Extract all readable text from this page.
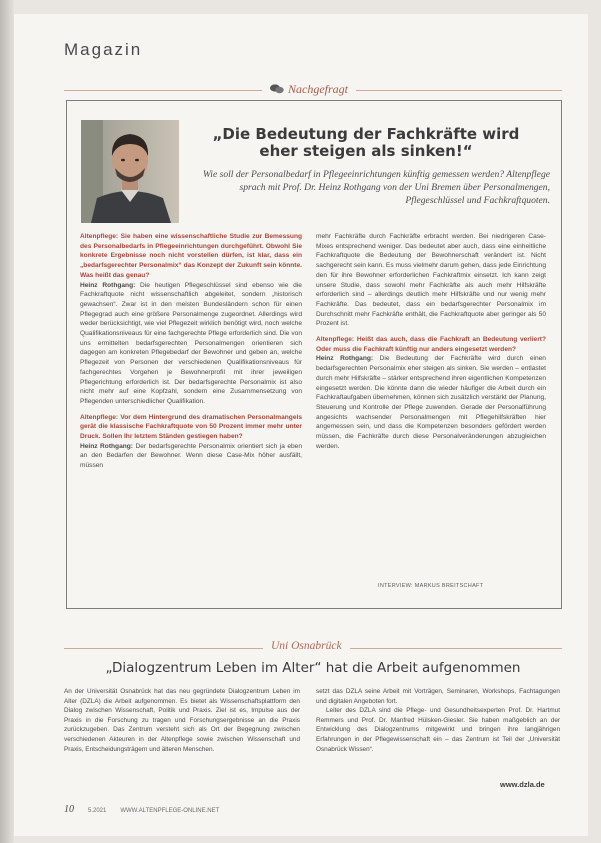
Magazin
Nachgefragt
„Die Bedeutung der Fachkräfte wird eher steigen als sinken!“
Wie soll der Personalbedarf in Pflegeeinrichtungen künftig gemessen werden? Altenpflege sprach mit Prof. Dr. Heinz Rothgang von der Uni Bremen über Personalmengen, Pflegeschlüssel und Fachkraftquoten.

Altenpflege: Sie haben eine wissenschaftliche Studie zur Bemessung des Personalbedarfs in Pflegeeinrichtungen durchgeführt. Obwohl Sie konkrete Ergebnisse noch nicht vorstellen dürfen, ist klar, dass ein „bedarfsgerechter Personalmix“ das Konzept der Zukunft sein könnte. Was heißt das genau?

Heinz Rothgang: Die heutigen Pflegeschlüssel sind ebenso wie die Fachkraftquote nicht wissenschaftlich abgeleitet, sondern „historisch gewachsen“. Zwar ist in den meisten Bundesländern schon für einen Pflegegrad auch eine größere Personalmenge zugeordnet. Allerdings wird weder berücksichtigt, wie viel Pflegezeit wirklich benötigt wird, noch welche Qualifikationsniveaus für eine fachgerechte Pflege erforderlich sind. Die von uns ermittelten bedarfsgerechten Personalmengen orientieren sich dagegen am konkreten Pflegebedarf der Bewohner und geben an, welche Pflegezeit von Personen der verschiedenen Qualifikationsniveaus für fachgerechtes Vorgehen je Bewohnerprofil mit ihrer jeweiligen Pflegerichtung erforderlich ist. Der bedarfsgerechte Personalmix ist also nicht mehr auf eine Kopfzahl, sondern eine Zusammensetzung von Pflegenden unterschiedlicher Qualifikation.

Altenpflege: Vor dem Hintergrund des dramatischen Personalmangels gerät die klassische Fachkraftquote von 50 Prozent immer mehr unter Druck. Sollen Ihr letztem Ständen gestiegen haben?

Heinz Rothgang: Der bedarfsgerechte Personalmix orientiert sich ja eben an den Bedarfen der Bewohner. Wenn diese Case-Mix höher ausfällt, müssen

mehr Fachkräfte durch Fachkräfte erbracht werden. Bei niedrigeren Case-Mixes entsprechend weniger. Das bedeutet aber auch, dass eine einheitliche Fachkraftquote die Bedeutung der Bewohnerschaft verändert ist. Nicht sachgerecht sein kann. Es muss vielmehr darum gehen, dass jede Einrichtung den für ihre Bewohner erforderlichen Fachkraftmix einsetzt. Ich kann zeigt unsere Studie, dass sowohl mehr Fachkräfte als auch mehr Hilfskräfte erforderlich sind – allerdings deutlich mehr Hilfskräfte und nur wenig mehr Fachkräfte. Das bedeutet, dass ein bedarfsgerechter Personalmix im Durchschnitt mehr Fachkräfte enthält, die Fachkraftquote aber geringer als 50 Prozent ist.

Altenpflege: Heißt das auch, dass die Fachkraft an Bedeutung verliert? Oder muss die Fachkraft künftig nur anders eingesetzt werden?

Heinz Rothgang: Die Bedeutung der Fachkräfte wird durch einen bedarfsgerechten Personalmix eher steigen als sinken. Sie werden – entlastet durch mehr Hilfskräfte – stärker entsprechend ihren eigentlichen Kompetenzen eingesetzt werden. Die könnte dann die wieder häufiger die Arbeit durch ein Fachkraftaufgaben übernehmen, können sich zusätzlich verstärkt der Planung, Steuerung und Kontrolle der Pflege zuwenden. Gerade der Personalführung angesichts wachsender Personalmengen mit Pflegehilfskräften hier angemessen sein, und dass die Kompetenzen besonders gefördert werden müssen, die Fachkräfte durch diese Personalveränderungen abzugleichen werden.

INTERVIEW: MARKUS BREITSCHAFT
Uni Osnabrück
„Dialogzentrum Leben im Alter“ hat die Arbeit aufgenommen

An der Universität Osnabrück hat das neu gegründete Dialogzentrum Leben im Alter (DZLA) die Arbeit aufgenommen. Es bietet als Wissenschaftsplattform den Dialog zwischen Wissenschaft, Politik und Praxis. Ziel ist es, Impulse aus der Praxis in die Forschung zu tragen und Forschungsergebnisse an die Praxis zurückzugeben. Das Zentrum versteht sich als Ort der Begegnung zwischen verschiedenen Akteuren in der Altenpflege sowie zwischen Wissenschaft und Praxis, Entscheidungsträgern und älteren Menschen.

setzt das DZLA seine Arbeit mit Vorträgen, Seminaren, Workshops, Fachtagungen und digitalen Angeboten fort.

Leiter des DZLA sind die Pflege- und Gesundheitsexperten Prof. Dr. Hartmut Remmers und Prof. Dr. Manfred Hülsken-Giesler. Sie haben maßgeblich an der Entwicklung des Dialogzentrums mitgewirkt und bringen ihre langjährigen Erfahrungen in der Pflegewissenschaft ein – das Zentrum ist Teil der „Universität Osnabrück Wissen“.

www.dzla.de
10 5.2021 WWW.ALTENPFLEGE-ONLINE.NET
